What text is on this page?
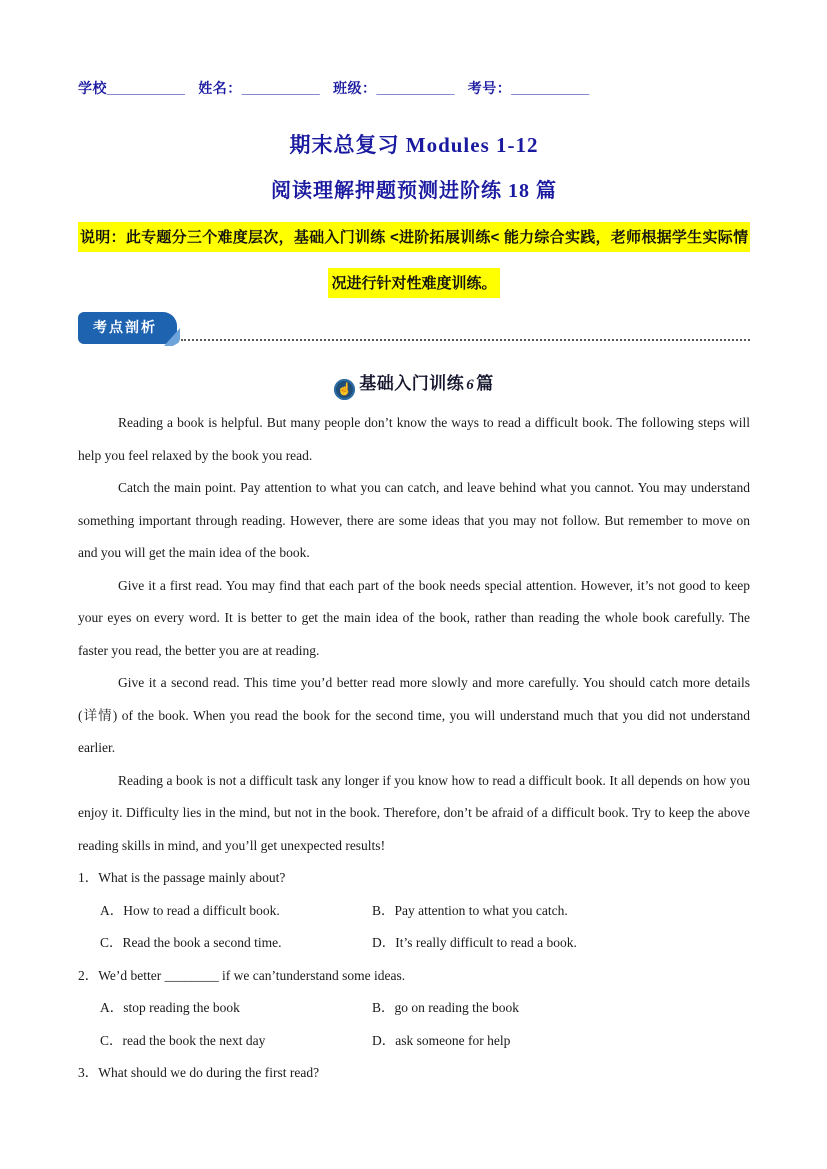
学校__________ 姓名：__________ 班级：__________ 考号：__________
期末总复习 Modules 1-12
阅读理解押题预测进阶练 18 篇
说明：此专题分三个难度层次，基础入门训练 <进阶拓展训练< 能力综合实践，老师根据学生实际情
况进行针对性难度训练。
考点剖析
☝ 基础入门训练 6 篇

Reading a book is helpful. But many people don’t know the ways to read a difficult book. The following steps will help you feel relaxed by the book you read.

Catch the main point. Pay attention to what you can catch, and leave behind what you cannot. You may understand something important through reading. However, there are some ideas that you may not follow. But remember to move on and you will get the main idea of the book.

Give it a first read. You may find that each part of the book needs special attention. However, it’s not good to keep your eyes on every word. It is better to get the main idea of the book, rather than reading the whole book carefully. The faster you read, the better you are at reading.

Give it a second read. This time you’d better read more slowly and more carefully. You should catch more details (详情) of the book. When you read the book for the second time, you will understand much that you did not understand earlier.

Reading a book is not a difficult task any longer if you know how to read a difficult book. It all depends on how you enjoy it. Difficulty lies in the mind, but not in the book. Therefore, don’t be afraid of a difficult book. Try to keep the above reading skills in mind, and you’ll get unexpected results!

1．What is the passage mainly about?
A．How to read a difficult book.	B．Pay attention to what you catch.
C．Read the book a second time.	D．It’s really difficult to read a book.
2．We’d better ________ if we can’tunderstand some ideas.
A．stop reading the book	B．go on reading the book
C．read the book the next day	D．ask someone for help
3．What should we do during the first read?
